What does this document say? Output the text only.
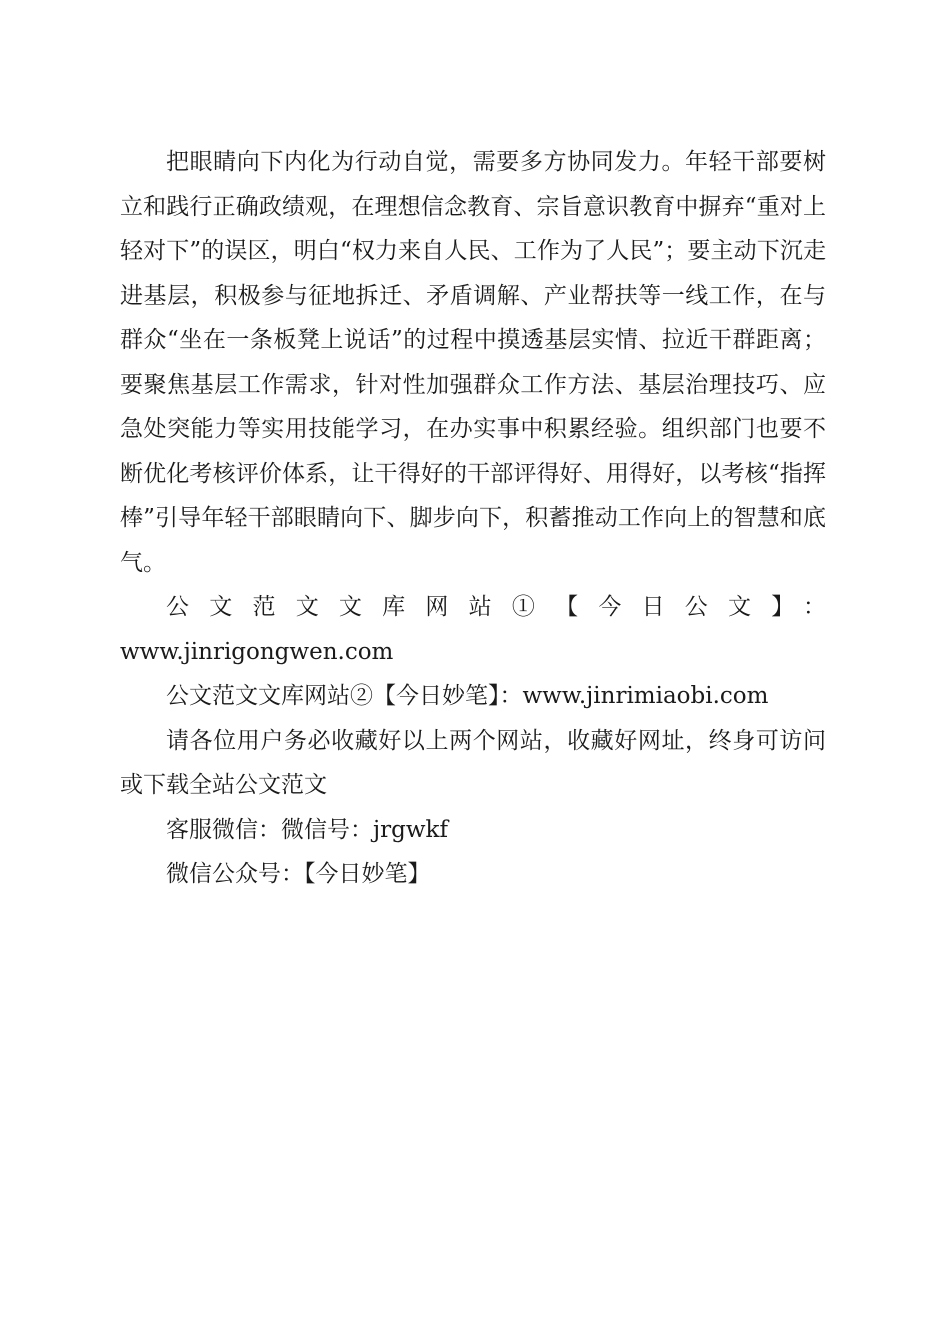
把眼睛向下内化为行动自觉，需要多方协同发力。年轻干部要树立和践行正确政绩观，在理想信念教育、宗旨意识教育中摒弃“重对上轻对下”的误区，明白“权力来自人民、工作为了人民”；要主动下沉走进基层，积极参与征地拆迁、矛盾调解、产业帮扶等一线工作，在与群众“坐在一条板凳上说话”的过程中摸透基层实情、拉近干群距离；要聚焦基层工作需求，针对性加强群众工作方法、基层治理技巧、应急处突能力等实用技能学习，在办实事中积累经验。组织部门也要不断优化考核评价体系，让干得好的干部评得好、用得好，以考核“指挥棒”引导年轻干部眼睛向下、脚步向下，积蓄推动工作向上的智慧和底气。

公文范文文库网站①【今日公文】：

www.jinrigongwen.com

公文范文文库网站②【今日妙笔】：www.jinrimiaobi.com

请各位用户务必收藏好以上两个网站，收藏好网址，终身可访问或下载全站公文范文

客服微信：微信号：jrgwkf

微信公众号：【今日妙笔】
